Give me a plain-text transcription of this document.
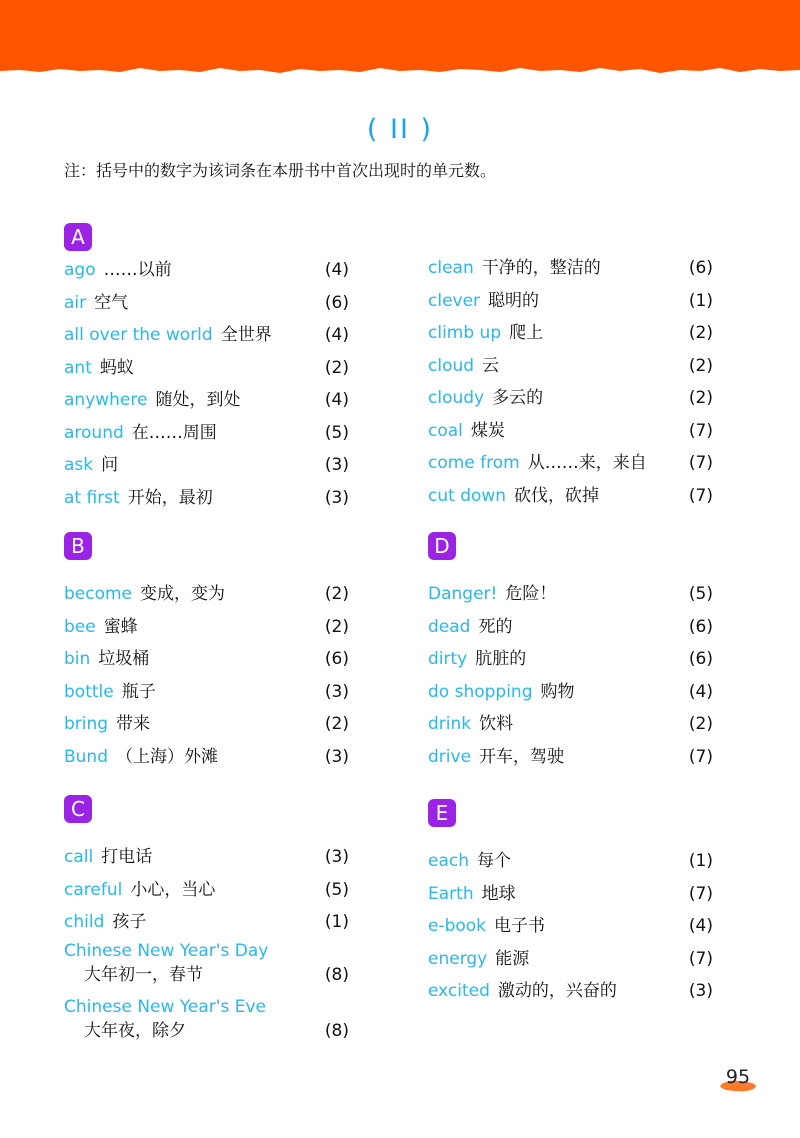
( II )
注：括号中的数字为该词条在本册书中首次出现时的单元数。
A
ago ……以前	(4)
air 空气	(6)
all over the world 全世界	(4)
ant 蚂蚁	(2)
anywhere 随处，到处	(4)
around 在……周围	(5)
ask 问	(3)
at first 开始，最初	(3)
B
become 变成，变为	(2)
bee 蜜蜂	(2)
bin 垃圾桶	(6)
bottle 瓶子	(3)
bring 带来	(2)
Bund （上海）外滩	(3)
C
call 打电话	(3)
careful 小心，当心	(5)
child 孩子	(1)
Chinese New Year's Day
大年初一，春节	(8)
Chinese New Year's Eve
大年夜，除夕	(8)
clean 干净的，整洁的	(6)
clever 聪明的	(1)
climb up 爬上	(2)
cloud 云	(2)
cloudy 多云的	(2)
coal 煤炭	(7)
come from 从……来，来自 (7)
cut down 砍伐，砍掉	(7)
D
Danger! 危险！	(5)
dead 死的	(6)
dirty 肮脏的	(6)
do shopping 购物	(4)
drink 饮料	(2)
drive 开车，驾驶	(7)
E
each 每个	(1)
Earth 地球	(7)
e-book 电子书	(4)
energy 能源	(7)
excited 激动的，兴奋的	(3)
95
